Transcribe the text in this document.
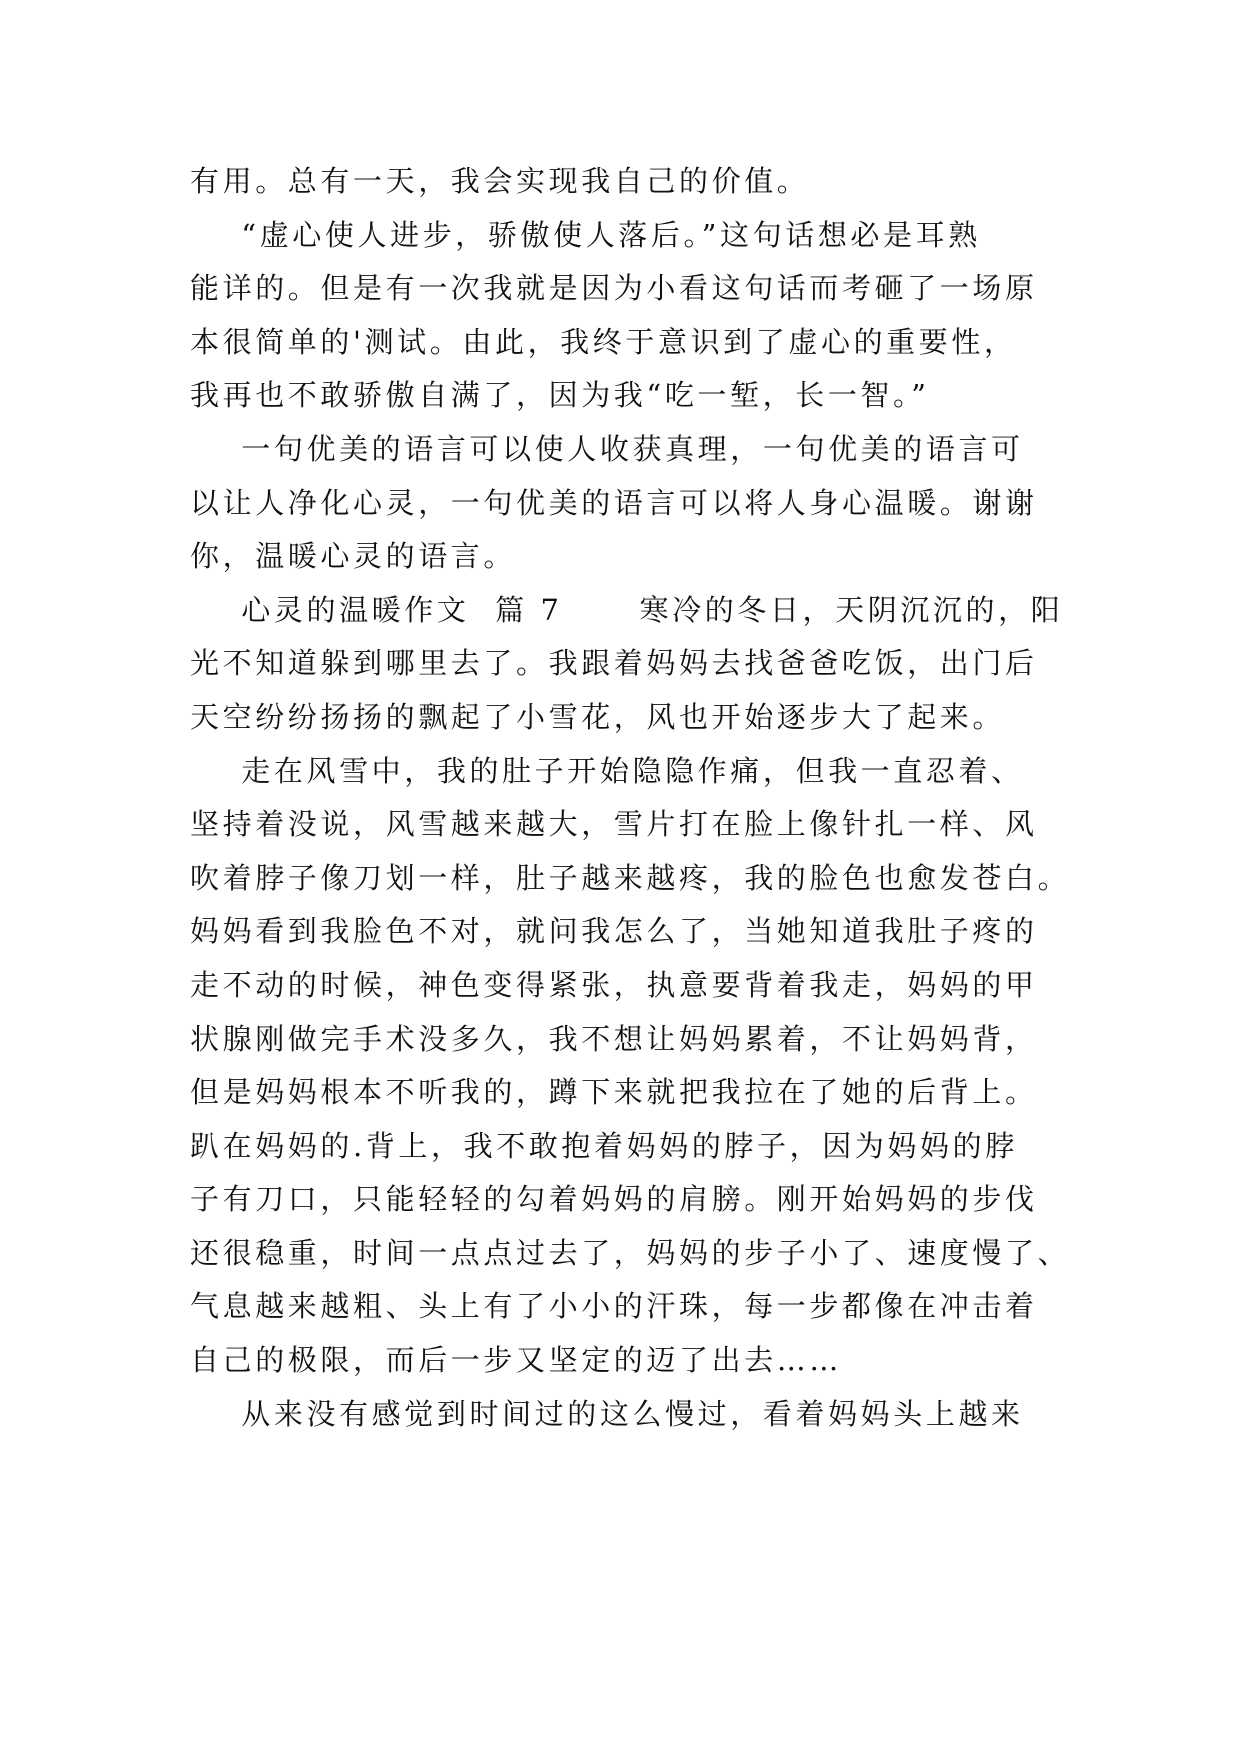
有用。总有一天，我会实现我自己的价值。
“虚心使人进步，骄傲使人落后。”这句话想必是耳熟
能详的。但是有一次我就是因为小看这句话而考砸了一场原
本很简单的'测试。由此，我终于意识到了虚心的重要性，
我再也不敢骄傲自满了，因为我“吃一堑，长一智。”
一句优美的语言可以使人收获真理，一句优美的语言可
以让人净化心灵，一句优美的语言可以将人身心温暖。谢谢
你，温暖心灵的语言。
心灵的温暖作文  篇 7      寒冷的冬日，天阴沉沉的，阳
光不知道躲到哪里去了。我跟着妈妈去找爸爸吃饭，出门后
天空纷纷扬扬的飘起了小雪花，风也开始逐步大了起来。
走在风雪中，我的肚子开始隐隐作痛，但我一直忍着、
坚持着没说，风雪越来越大，雪片打在脸上像针扎一样、风
吹着脖子像刀划一样，肚子越来越疼，我的脸色也愈发苍白。
妈妈看到我脸色不对，就问我怎么了，当她知道我肚子疼的
走不动的时候，神色变得紧张，执意要背着我走，妈妈的甲
状腺刚做完手术没多久，我不想让妈妈累着，不让妈妈背，
但是妈妈根本不听我的，蹲下来就把我拉在了她的后背上。
趴在妈妈的.背上，我不敢抱着妈妈的脖子，因为妈妈的脖
子有刀口，只能轻轻的勾着妈妈的肩膀。刚开始妈妈的步伐
还很稳重，时间一点点过去了，妈妈的步子小了、速度慢了、
气息越来越粗、头上有了小小的汗珠，每一步都像在冲击着
自己的极限，而后一步又坚定的迈了出去……
从来没有感觉到时间过的这么慢过，看着妈妈头上越来
